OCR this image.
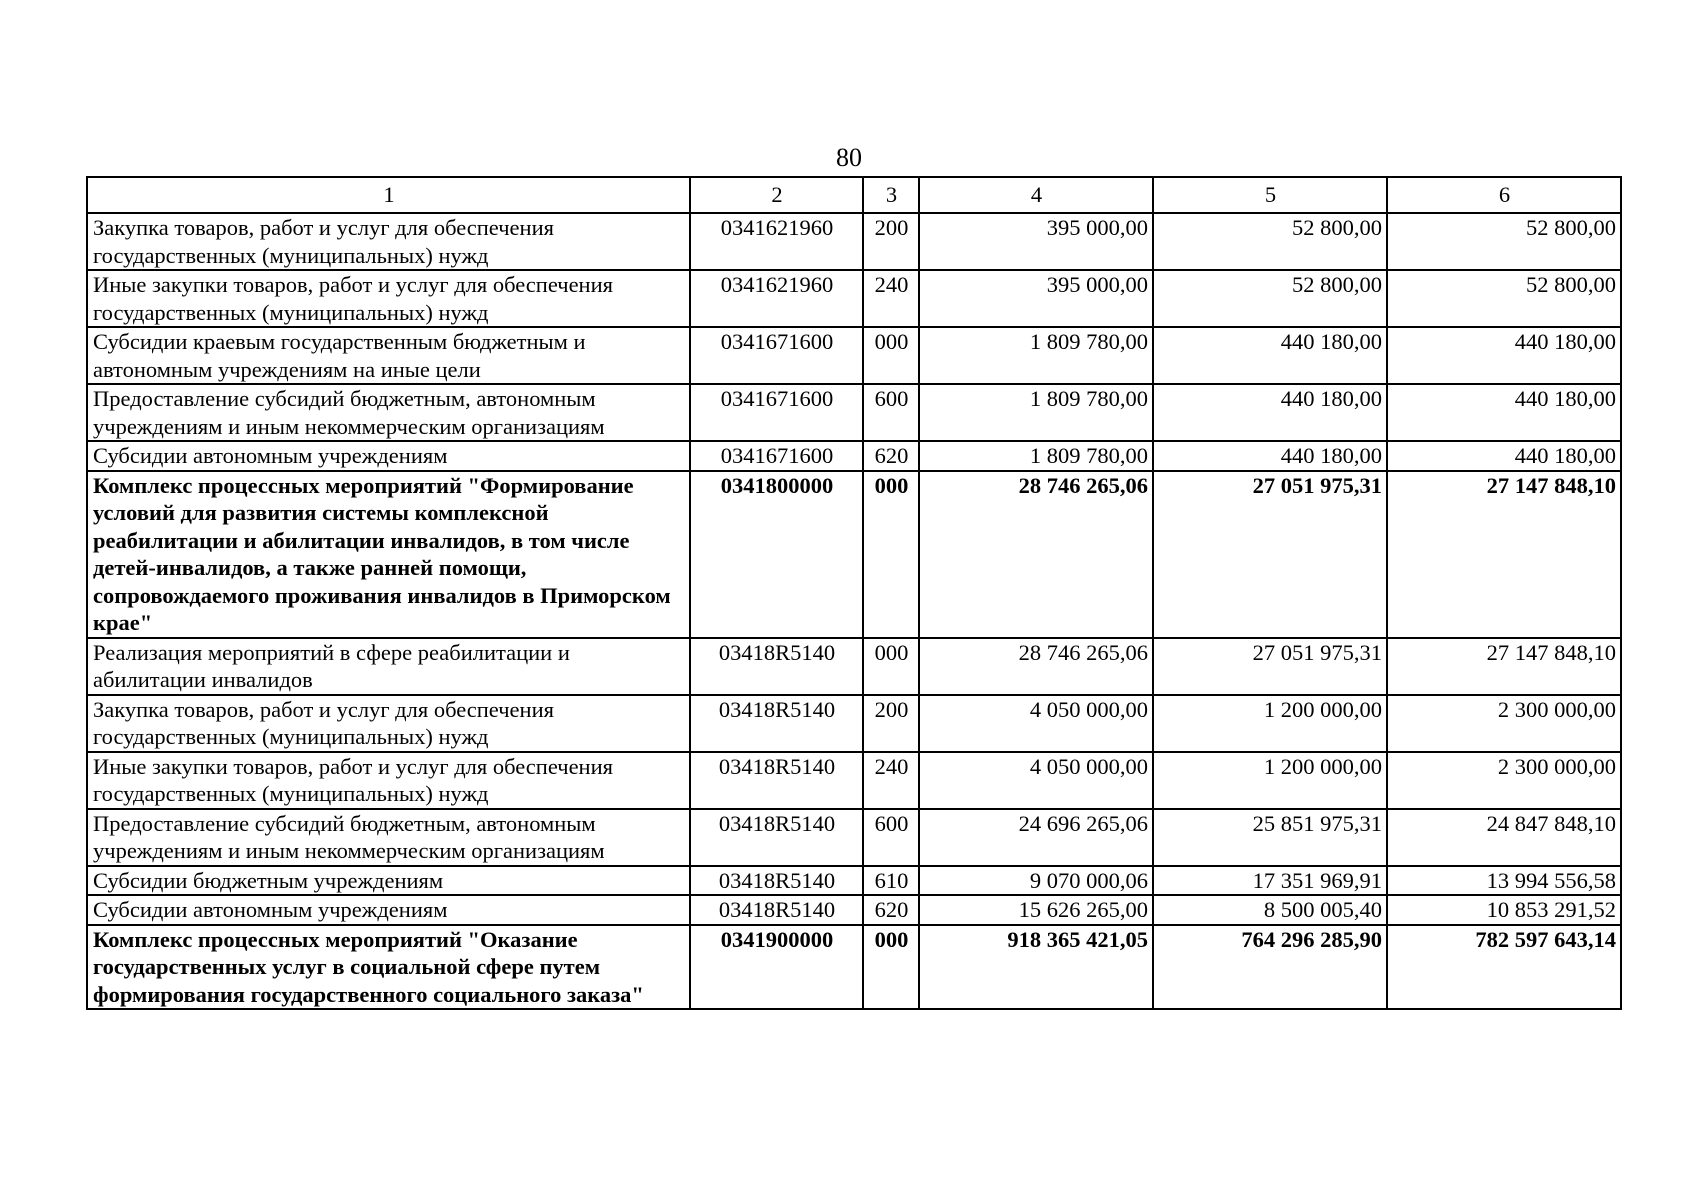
80
1	2	3	4	5	6
Закупка товаров, работ и услуг для обеспечения государственных (муниципальных) нужд	0341621960	200	395 000,00	52 800,00	52 800,00
Иные закупки товаров, работ и услуг для обеспечения государственных (муниципальных) нужд	0341621960	240	395 000,00	52 800,00	52 800,00
Субсидии краевым государственным бюджетным и автономным учреждениям на иные цели	0341671600	000	1 809 780,00	440 180,00	440 180,00
Предоставление субсидий бюджетным, автономным учреждениям и иным некоммерческим организациям	0341671600	600	1 809 780,00	440 180,00	440 180,00
Субсидии автономным учреждениям	0341671600	620	1 809 780,00	440 180,00	440 180,00
Комплекс процессных мероприятий "Формирование условий для развития системы комплексной реабилитации и абилитации инвалидов, в том числе детей-инвалидов, а также ранней помощи, сопровождаемого проживания инвалидов в Приморском крае"	0341800000	000	28 746 265,06	27 051 975,31	27 147 848,10
Реализация мероприятий в сфере реабилитации и абилитации инвалидов	03418R5140	000	28 746 265,06	27 051 975,31	27 147 848,10
Закупка товаров, работ и услуг для обеспечения государственных (муниципальных) нужд	03418R5140	200	4 050 000,00	1 200 000,00	2 300 000,00
Иные закупки товаров, работ и услуг для обеспечения государственных (муниципальных) нужд	03418R5140	240	4 050 000,00	1 200 000,00	2 300 000,00
Предоставление субсидий бюджетным, автономным учреждениям и иным некоммерческим организациям	03418R5140	600	24 696 265,06	25 851 975,31	24 847 848,10
Субсидии бюджетным учреждениям	03418R5140	610	9 070 000,06	17 351 969,91	13 994 556,58
Субсидии автономным учреждениям	03418R5140	620	15 626 265,00	8 500 005,40	10 853 291,52
Комплекс процессных мероприятий "Оказание государственных услуг в социальной сфере путем формирования государственного социального заказа"	0341900000	000	918 365 421,05	764 296 285,90	782 597 643,14
